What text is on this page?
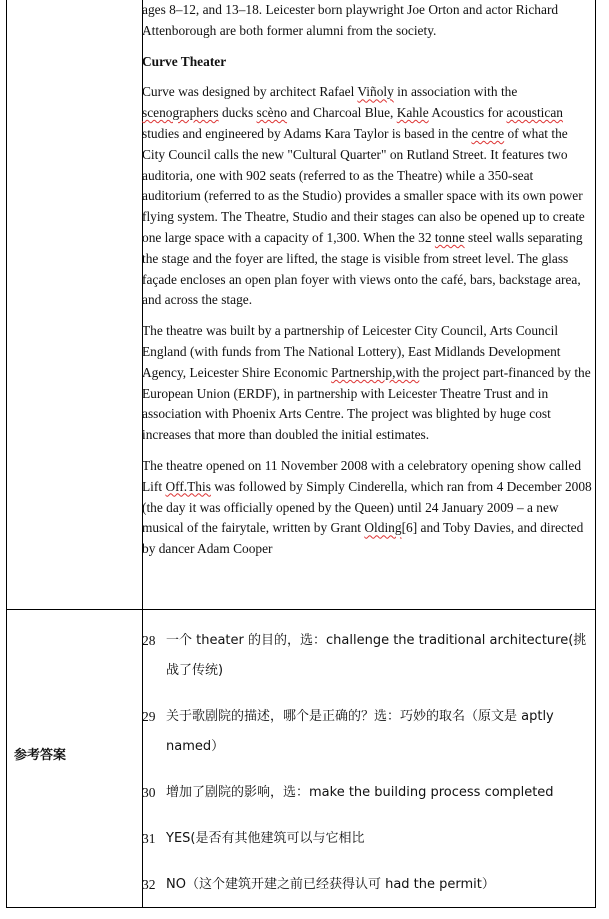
ages 8–12, and 13–18. Leicester born playwright Joe Orton and actor Richard Attenborough are both former alumni from the society.

Curve Theater

Curve was designed by architect Rafael Viñoly in association with the scenographers ducks scèno and Charcoal Blue, Kahle Acoustics for acoustican studies and engineered by Adams Kara Taylor is based in the centre of what the City Council calls the new "Cultural Quarter" on Rutland Street. It features two auditoria, one with 902 seats (referred to as the Theatre) while a 350-seat auditorium (referred to as the Studio) provides a smaller space with its own power flying system. The Theatre, Studio and their stages can also be opened up to create one large space with a capacity of 1,300. When the 32 tonne steel walls separating the stage and the foyer are lifted, the stage is visible from street level. The glass façade encloses an open plan foyer with views onto the café, bars, backstage area, and across the stage.

The theatre was built by a partnership of Leicester City Council, Arts Council England (with funds from The National Lottery), East Midlands Development Agency, Leicester Shire Economic Partnership,with the project part-financed by the European Union (ERDF), in partnership with Leicester Theatre Trust and in association with Phoenix Arts Centre. The project was blighted by huge cost increases that more than doubled the initial estimates.

The theatre opened on 11 November 2008 with a celebratory opening show called Lift Off.This was followed by Simply Cinderella, which ran from 4 December 2008 (the day it was officially opened by the Queen) until 24 January 2009 – a new musical of the fairytale, written by Grant Olding[6] and Toby Davies, and directed by dancer Adam Cooper

参考答案
28 一个 theater 的目的，选：challenge the traditional architecture(挑战了传统)
29 关于歌剧院的描述，哪个是正确的？选：巧妙的取名（原文是 aptly named）
30 增加了剧院的影响，选：make the building process completed
31 YES(是否有其他建筑可以与它相比
32 NO（这个建筑开建之前已经获得认可 had the permit）
